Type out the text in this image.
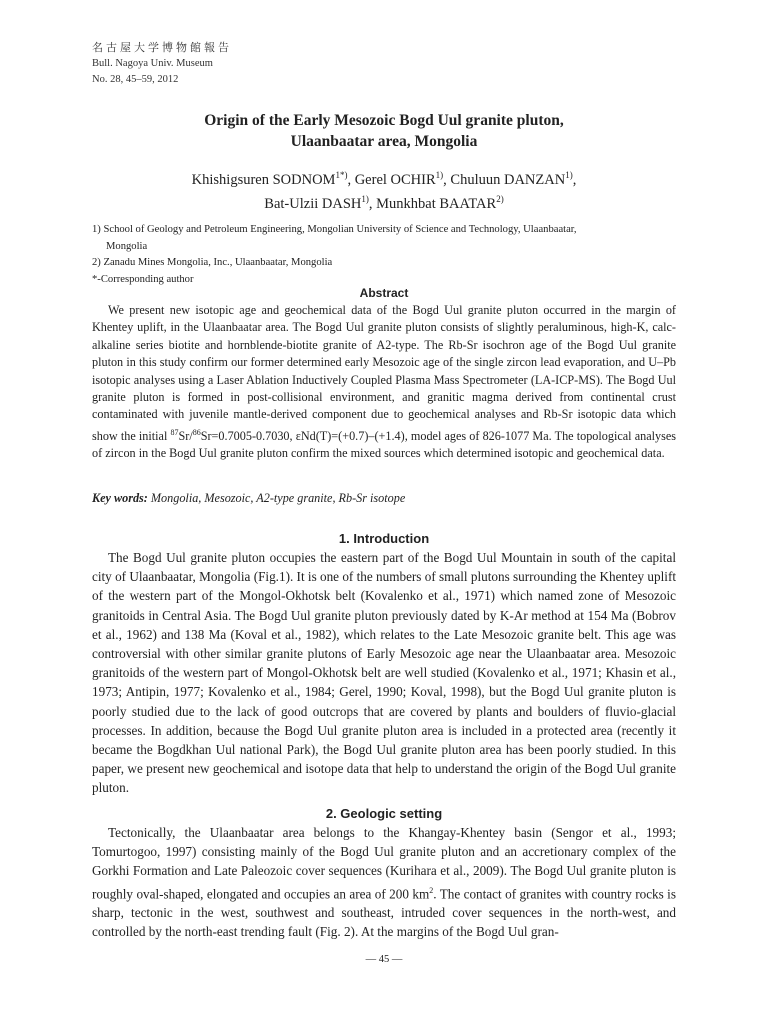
名古屋大学博物館報告
Bull. Nagoya Univ. Museum
No. 28, 45–59, 2012
Origin of the Early Mesozoic Bogd Uul granite pluton,
Ulaanbaatar area, Mongolia
Khishigsuren $SODNOM^{1*)}$, Gerel OCHIR$^{1)}$, Chuluun DANZAN$^{1)}$,
Bat-Ulzii DASH$^{1)}$, Munkhbat BAATAR$^{2)}$
1) School of Geology and Petroleum Engineering, Mongolian University of Science and Technology, Ulaanbaatar,
Mongolia
2) Zanadu Mines Mongolia, Inc., Ulaanbaatar, Mongolia
*-Corresponding author
Abstract

We present new isotopic age and geochemical data of the Bogd Uul granite pluton occurred in the margin of Khentey uplift, in the Ulaanbaatar area. The Bogd Uul granite pluton consists of slightly peraluminous, high-K, calc-alkaline series biotite and hornblende-biotite granite of A2-type. The Rb-Sr isochron age of the Bogd Uul granite pluton in this study confirm our former determined early Mesozoic age of the single zircon lead evaporation, and U–Pb isotopic analyses using a Laser Ablation Inductively Coupled Plasma Mass Spectrometer (LA-ICP-MS). The Bogd Uul granite pluton is formed in post-collisional environment, and granitic magma derived from continental crust contaminated with juvenile mantle-derived component due to geochemical analyses and Rb-Sr isotopic data which show the initial $^{87}$Sr/$^{86}$Sr=0.7005-0.7030, εNd(T)=(+0.7)–(+1.4), model ages of 826-1077 Ma. The topological analyses of zircon in the Bogd Uul granite pluton confirm the mixed sources which determined isotopic and geochemical data.

Key words: Mongolia, Mesozoic, A2-type granite, Rb-Sr isotope
1. Introduction

The Bogd Uul granite pluton occupies the eastern part of the Bogd Uul Mountain in south of the capital city of Ulaanbaatar, Mongolia (Fig.1). It is one of the numbers of small plutons surrounding the Khentey uplift of the western part of the Mongol-Okhotsk belt (Kovalenko et al., 1971) which named zone of Mesozoic granitoids in Central Asia. The Bogd Uul granite pluton previously dated by K-Ar method at 154 Ma (Bobrov et al., 1962) and 138 Ma (Koval et al., 1982), which relates to the Late Mesozoic granite belt. This age was controversial with other similar granite plutons of Early Mesozoic age near the Ulaanbaatar area. Mesozoic granitoids of the western part of Mongol-Okhotsk belt are well studied (Kovalenko et al., 1971; Khasin et al., 1973; Antipin, 1977; Kovalenko et al., 1984; Gerel, 1990; Koval, 1998), but the Bogd Uul granite pluton is poorly studied due to the lack of good outcrops that are covered by plants and boulders of fluvio-glacial processes. In addition, because the Bogd Uul granite pluton area is included in a protected area (recently it became the Bogdkhan Uul national Park), the Bogd Uul granite pluton area has been poorly studied. In this paper, we present new geochemical and isotope data that help to understand the origin of the Bogd Uul granite pluton.

2. Geologic setting

Tectonically, the Ulaanbaatar area belongs to the Khangay-Khentey basin (Sengor et al., 1993; Tomurtogoo, 1997) consisting mainly of the Bogd Uul granite pluton and an accretionary complex of the Gorkhi Formation and Late Paleozoic cover sequences (Kurihara et al., 2009). The Bogd Uul granite pluton is roughly oval-shaped, elongated and occupies an area of 200 $km^2$. The contact of granites with country rocks is sharp, tectonic in the west, southwest and southeast, intruded cover sequences in the north-west, and controlled by the north-east trending fault (Fig. 2). At the margins of the Bogd Uul gran-

— 45 —
